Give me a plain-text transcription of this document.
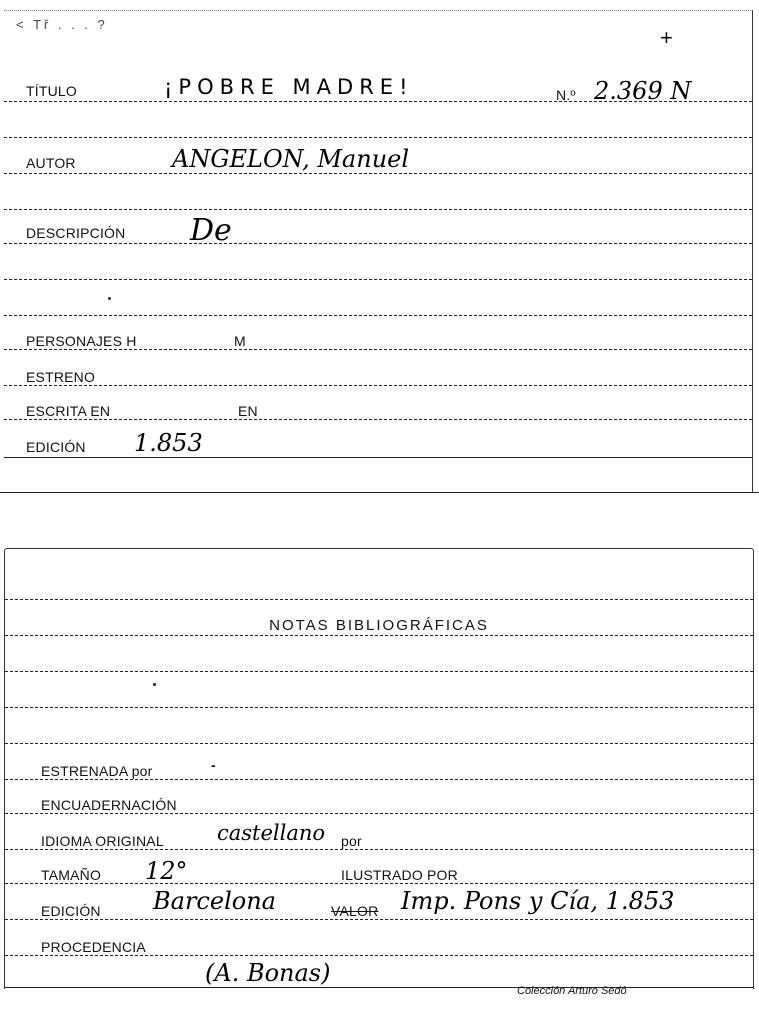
< Tř . . . ?
+
TÍTULO	¡POBRE MADRE!	N.º 2.369 N
AUTOR	ANGELON, Manuel
DESCRIPCIÓN De
PERSONAJES H	M
ESTRENO
ESCRITA EN	EN
EDICIÓN 1.853
NOTAS BIBLIOGRÁFICAS
ESTRENADA por	-
ENCUADERNACIÓN
IDIOMA ORIGINAL	castellano por
TAMAÑO 12°	ILUSTRADO POR
EDICIÓN Barcelona	VALOR Imp. Pons y Cía, 1.853
PROCEDENCIA
(A. Bonas)
Colección Arturo Sedó
